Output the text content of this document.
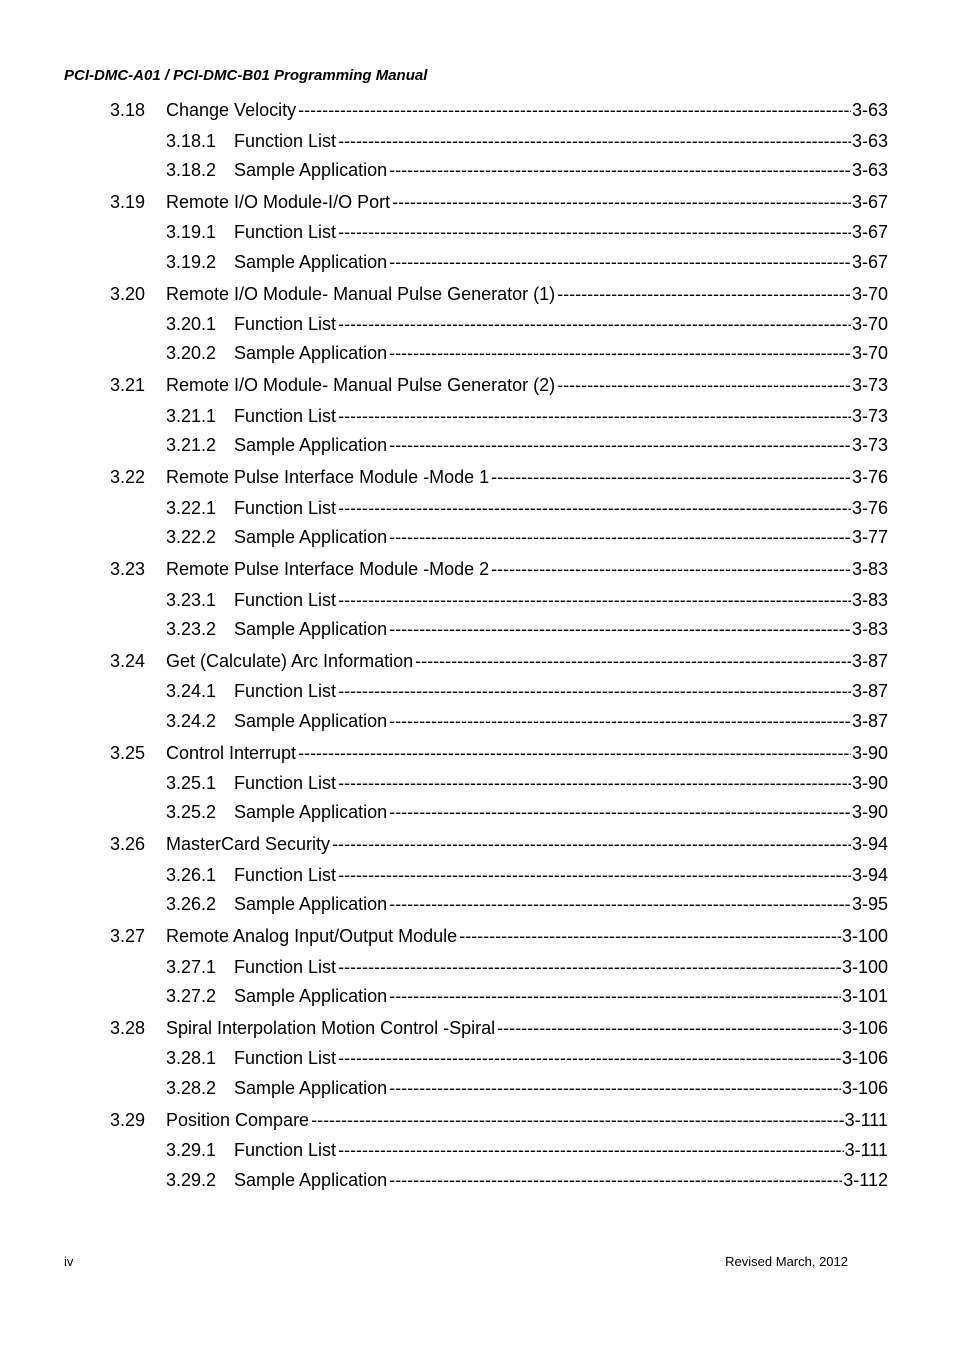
PCI-DMC-A01 / PCI-DMC-B01 Programming Manual
3.18	Change Velocity -----	3-63
3.18.1 Function List -----	3-63
3.18.2 Sample Application -----	3-63
3.19	Remote I/O Module-I/O Port -----	3-67
3.19.1 Function List -----	3-67
3.19.2 Sample Application -----	3-67
3.20	Remote I/O Module- Manual Pulse Generator (1) -----	3-70
3.20.1 Function List -----	3-70
3.20.2 Sample Application -----	3-70
3.21	Remote I/O Module- Manual Pulse Generator (2) -----	3-73
3.21.1 Function List -----	3-73
3.21.2 Sample Application -----	3-73
3.22	Remote Pulse Interface Module -Mode 1 -----	3-76
3.22.1 Function List -----	3-76
3.22.2 Sample Application -----	3-77
3.23	Remote Pulse Interface Module -Mode 2 -----	3-83
3.23.1 Function List -----	3-83
3.23.2 Sample Application -----	3-83
3.24	Get (Calculate) Arc Information -----	3-87
3.24.1 Function List -----	3-87
3.24.2 Sample Application -----	3-87
3.25	Control Interrupt -----	3-90
3.25.1 Function List -----	3-90
3.25.2 Sample Application -----	3-90
3.26	MasterCard Security -----	3-94
3.26.1 Function List -----	3-94
3.26.2 Sample Application -----	3-95
3.27	Remote Analog Input/Output Module -----	3-100
3.27.1 Function List -----	3-100
3.27.2 Sample Application -----	3-101
3.28	Spiral Interpolation Motion Control -Spiral -----	3-106
3.28.1 Function List -----	3-106
3.28.2 Sample Application -----	3-106
3.29	Position Compare -----	3-111
3.29.1 Function List -----	3-111
3.29.2 Sample Application -----	3-112
iv	Revised March, 2012
